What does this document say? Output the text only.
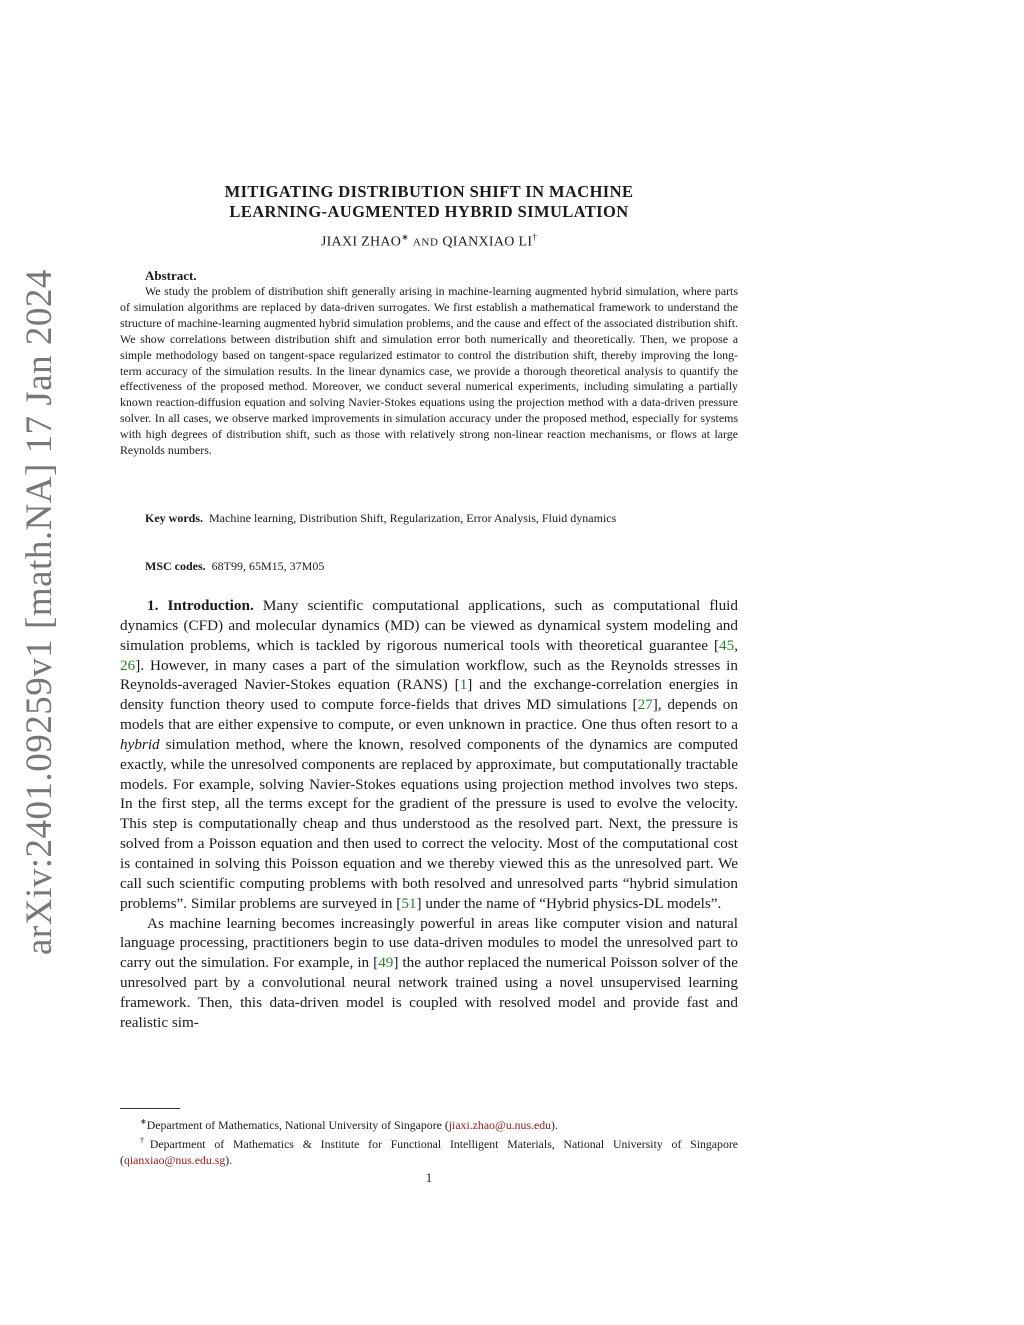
arXiv:2401.09259v1 [math.NA] 17 Jan 2024
MITIGATING DISTRIBUTION SHIFT IN MACHINE
LEARNING-AUGMENTED HYBRID SIMULATION
JIAXI ZHAO∗ AND QIANXIAO LI†
Abstract.

We study the problem of distribution shift generally arising in machine-learning augmented hybrid simulation, where parts of simulation algorithms are replaced by data-driven surrogates. We first establish a mathematical framework to understand the structure of machine-learning augmented hybrid simulation problems, and the cause and effect of the associated distribution shift. We show correlations between distribution shift and simulation error both numerically and theoretically. Then, we propose a simple methodology based on tangent-space regularized estimator to control the distribution shift, thereby improving the long-term accuracy of the simulation results. In the linear dynamics case, we provide a thorough theoretical analysis to quantify the effectiveness of the proposed method. Moreover, we conduct several numerical experiments, including simulating a partially known reaction-diffusion equation and solving Navier-Stokes equations using the projection method with a data-driven pressure solver. In all cases, we observe marked improvements in simulation accuracy under the proposed method, especially for systems with high degrees of distribution shift, such as those with relatively strong non-linear reaction mechanisms, or flows at large Reynolds numbers.

Key words. Machine learning, Distribution Shift, Regularization, Error Analysis, Fluid dynamics
MSC codes. 68T99, 65M15, 37M05

1. Introduction. Many scientific computational applications, such as computational fluid dynamics (CFD) and molecular dynamics (MD) can be viewed as dynamical system modeling and simulation problems, which is tackled by rigorous numerical tools with theoretical guarantee [45, 26]. However, in many cases a part of the simulation workflow, such as the Reynolds stresses in Reynolds-averaged Navier-Stokes equation (RANS) [1] and the exchange-correlation energies in density function theory used to compute force-fields that drives MD simulations [27], depends on models that are either expensive to compute, or even unknown in practice. One thus often resort to a hybrid simulation method, where the known, resolved components of the dynamics are computed exactly, while the unresolved components are replaced by approximate, but computationally tractable models. For example, solving Navier-Stokes equations using projection method involves two steps. In the first step, all the terms except for the gradient of the pressure is used to evolve the velocity. This step is computationally cheap and thus understood as the resolved part. Next, the pressure is solved from a Poisson equation and then used to correct the velocity. Most of the computational cost is contained in solving this Poisson equation and we thereby viewed this as the unresolved part. We call such scientific computing problems with both resolved and unresolved parts “hybrid simulation problems”. Similar problems are surveyed in [51] under the name of “Hybrid physics-DL models”.

As machine learning becomes increasingly powerful in areas like computer vision and natural language processing, practitioners begin to use data-driven modules to model the unresolved part to carry out the simulation. For example, in [49] the author replaced the numerical Poisson solver of the unresolved part by a convolutional neural network trained using a novel unsupervised learning framework. Then, this data-driven model is coupled with resolved model and provide fast and realistic sim-

∗Department of Mathematics, National University of Singapore (jiaxi.zhao@u.nus.edu).

†Department of Mathematics & Institute for Functional Intelligent Materials, National University of Singapore (qianxiao@nus.edu.sg).

1
